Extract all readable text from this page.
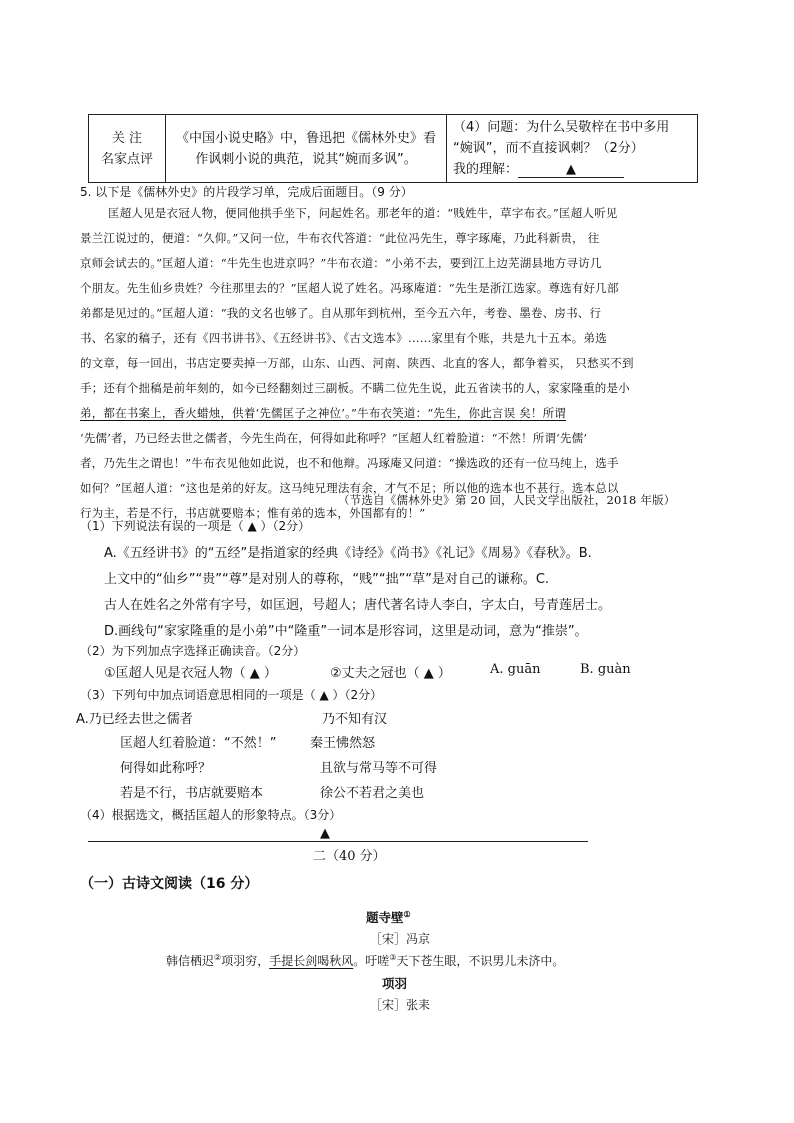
关 注
名家点评

《中国小说史略》中，鲁迅把《儒林外史》看
作讽刺小说的典范，说其“婉而多讽”。

（4）问题：为什么吴敬梓在书中多用
“婉讽”，而不直接讽刺？（2分）
我的理解：	▲
5. 以下是《儒林外史》的片段学习单，完成后面题目。（9 分）
匡超人见是衣冠人物，便同他拱手坐下，问起姓名。那老年的道：“贱姓牛，草字布衣。”匡超人听见
景兰江说过的，便道：“久仰。”又问一位，牛布衣代答道：“此位冯先生，尊字琢庵，乃此科新贵， 往
京师会试去的。”匡超人道：“牛先生也进京吗？”牛布衣道：“小弟不去，要到江上边芜湖县地方寻访几
个朋友。先生仙乡贵姓？今往那里去的？”匡超人说了姓名。冯琢庵道：“先生是浙江选家。尊选有好几部
弟都是见过的。”匡超人道：“我的文名也够了。自从那年到杭州，至今五六年，考卷、墨卷、房书、行
书、名家的稿子，还有《四书讲书》、《五经讲书》、《古文选本》……家里有个账，共是九十五本。弟选
的文章，每一回出，书店定要卖掉一万部，山东、山西、河南、陕西、北直的客人，都争着买， 只愁买不到
手；还有个拙稿是前年刻的，如今已经翻刻过三副板。不瞒二位先生说，此五省读书的人，家家隆重的是小
弟，都在书案上，香火蜡烛，供着‘先儒匡子之神位’。”牛布衣笑道：“先生，你此言误 矣！所谓
‘先儒’者，乃已经去世之儒者，今先生尚在，何得如此称呼？”匡超人红着脸道：“不然！所谓‘先儒’
者，乃先生之谓也！”牛布衣见他如此说，也不和他辩。冯琢庵又问道：“操选政的还有一位马纯上，选手
如何？”匡超人道：“这也是弟的好友。这马纯兄理法有余，才气不足；所以他的选本也不甚行。选本总以
行为主，若是不行，书店就要赔本；惟有弟的选本，外国都有的！”
（节选自《儒林外史》第 20 回，人民文学出版社，2018 年版）
（1）下列说法有误的一项是（ ▲ ）（2分）
A.《五经讲书》的“五经”是指道家的经典《诗经》《尚书》《礼记》《周易》《春秋》。B.
上文中的“仙乡”“贵”“尊”是对别人的尊称，“贱”“拙”“草”是对自己的谦称。C.
古人在姓名之外常有字号，如匡迥，号超人；唐代著名诗人李白，字太白，号青莲居士。
D.画线句“家家隆重的是小弟”中“隆重”一词本是形容词，这里是动词，意为“推崇”。
（2）为下列加点字选择正确读音。（2分）
①匡超人见是衣冠人物（ ▲ ）	②丈夫之冠也（ ▲ ）	A. guān	B. guàn
（3）下列句中加点词语意思相同的一项是（ ▲ ）（2分）
A.乃已经去世之儒者	乃不知有汉
匡超人红着脸道：“不然！”	秦王怫然怒
何得如此称呼？	且欲与常马等不可得
若是不行，书店就要赔本	徐公不若君之美也
（4）根据选文，概括匡超人的形象特点。（3分）
▲
二（40 分）
（一）古诗文阅读（16 分）
题寺壁①
［宋］冯京
韩信栖迟②项羽穷，手提长剑喝秋风。吁嗟③天下苍生眼，不识男儿未济中。
项羽
［宋］张耒
